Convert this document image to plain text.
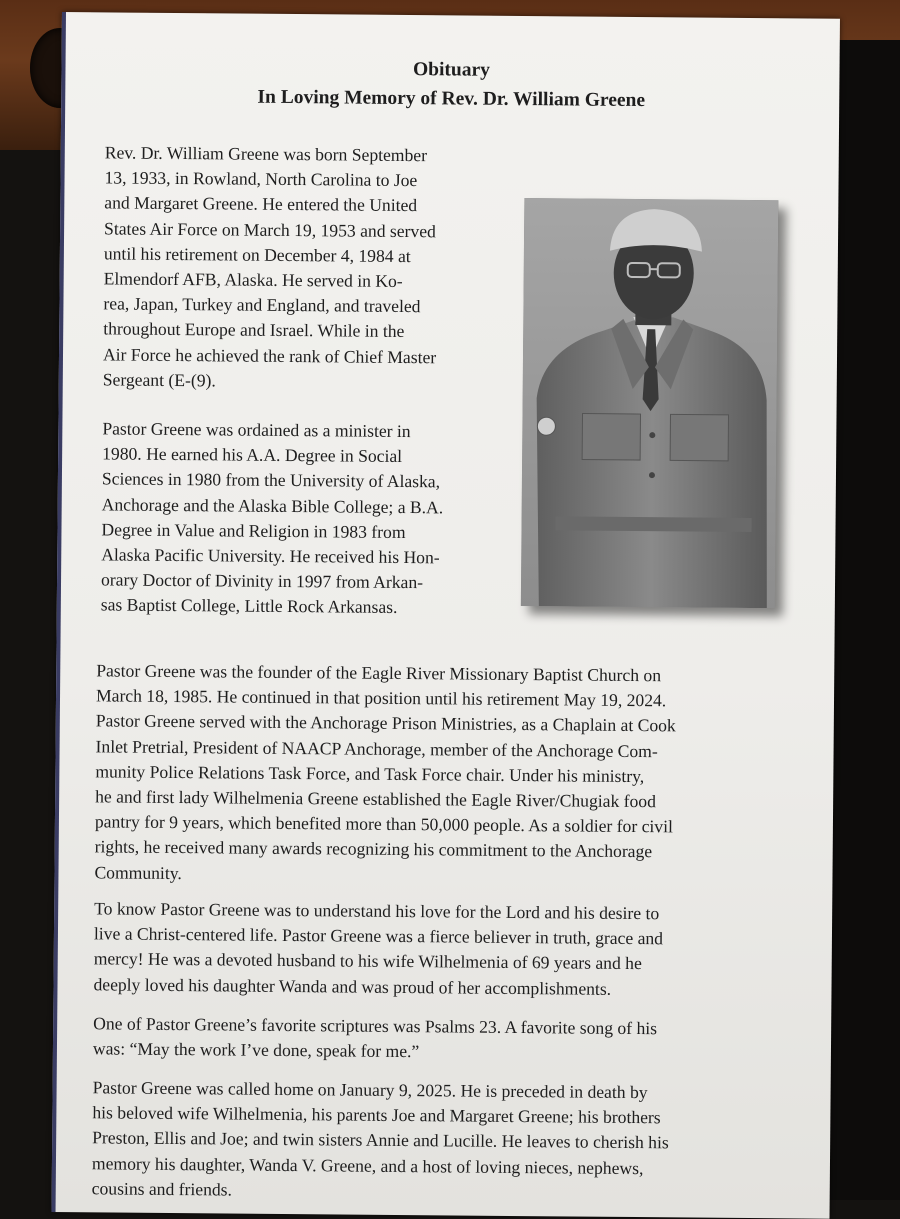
Obituary
In Loving Memory of Rev. Dr. William Greene

Rev. Dr. William Greene was born September
13, 1933, in Rowland, North Carolina to Joe
and Margaret Greene. He entered the United
States Air Force on March 19, 1953 and served
until his retirement on December 4, 1984 at
Elmendorf AFB, Alaska. He served in Ko-
rea, Japan, Turkey and England, and traveled
throughout Europe and Israel. While in the
Air Force he achieved the rank of Chief Master
Sergeant (E-(9).

Pastor Greene was ordained as a minister in
1980. He earned his A.A. Degree in Social
Sciences in 1980 from the University of Alaska,
Anchorage and the Alaska Bible College; a B.A.
Degree in Value and Religion in 1983 from
Alaska Pacific University. He received his Hon-
orary Doctor of Divinity in 1997 from Arkan-
sas Baptist College, Little Rock Arkansas.

Pastor Greene was the founder of the Eagle River Missionary Baptist Church on
March 18, 1985. He continued in that position until his retirement May 19, 2024.
Pastor Greene served with the Anchorage Prison Ministries, as a Chaplain at Cook
Inlet Pretrial, President of NAACP Anchorage, member of the Anchorage Com-
munity Police Relations Task Force, and Task Force chair. Under his ministry,
he and first lady Wilhelmenia Greene established the Eagle River/Chugiak food
pantry for 9 years, which benefited more than 50,000 people. As a soldier for civil
rights, he received many awards recognizing his commitment to the Anchorage
Community.

To know Pastor Greene was to understand his love for the Lord and his desire to
live a Christ-centered life. Pastor Greene was a fierce believer in truth, grace and
mercy! He was a devoted husband to his wife Wilhelmenia of 69 years and he
deeply loved his daughter Wanda and was proud of her accomplishments.

One of Pastor Greene’s favorite scriptures was Psalms 23. A favorite song of his
was: “May the work I’ve done, speak for me.”

Pastor Greene was called home on January 9, 2025. He is preceded in death by
his beloved wife Wilhelmenia, his parents Joe and Margaret Greene; his brothers
Preston, Ellis and Joe; and twin sisters Annie and Lucille. He leaves to cherish his
memory his daughter, Wanda V. Greene, and a host of loving nieces, nephews,
cousins and friends.
